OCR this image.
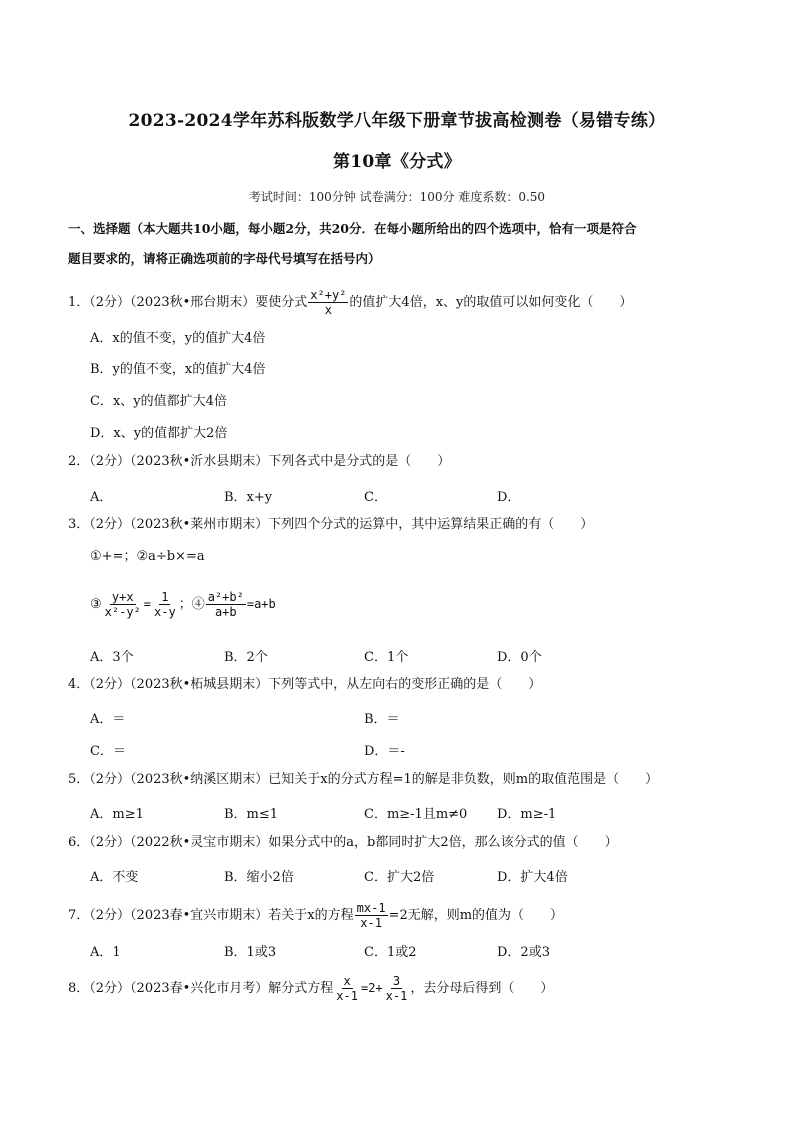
2023-2024学年苏科版数学八年级下册章节拔高检测卷（易错专练）
第10章《分式》
考试时间：100分钟 试卷满分：100分 难度系数：0.50
一、选择题（本大题共10小题，每小题2分，共20分．在每小题所给出的四个选项中，恰有一项是符合
题目要求的，请将正确选项前的字母代号填写在括号内）
1．（2分）（2023秋•邢台期末）要使分式 $\frac{\text{x²+y²}}{x}$ 的值扩大4倍，x、y的取值可以如何变化（　　）
A．x的值不变，y的值扩大4倍
B．y的值不变，x的值扩大4倍
C．x、y的值都扩大4倍
D．x、y的值都扩大2倍
2．（2分）（2023秋•沂水县期末）下列各式中是分式的是（　　）
A．	B．x+y	C．	D．
3．（2分）（2023秋•莱州市期末）下列四个分式的运算中，其中运算结果正确的有（　　）
①+=；②a÷b×=a
③ $\frac{y+x}{\text{x²-y²}} = \frac{1}{x-y}$ ；④ $\frac{\text{a²+b²}}{a+b} =a+b$
A．3个	B．2个	C．1个	D．0个
4．（2分）（2023秋•柘城县期末）下列等式中，从左向右的变形正确的是（　　）
A．＝	B．＝
C．＝	D．＝-
5．（2分）（2023秋•纳溪区期末）已知关于x的分式方程=1的解是非负数，则m的取值范围是（　　）
A．m≥1	B．m≤1	C．m≥-1且m≠0 D．m≥-1
6．（2分）（2022秋•灵宝市期末）如果分式中的a，b都同时扩大2倍，那么该分式的值（　　）
A．不变	B．缩小2倍	C．扩大2倍	D．扩大4倍
7．（2分）（2023春•宜兴市期末）若关于x的方程 $\frac{mx-1}{x-1} =2$无解，则m的值为（　　）
A．1	B．1或3	C．1或2	D．2或3
8．（2分）（2023春•兴化市月考）解分式方程 $\frac{x}{x-1} =2+ \frac{3}{x-1}$ ，去分母后得到（　　）
